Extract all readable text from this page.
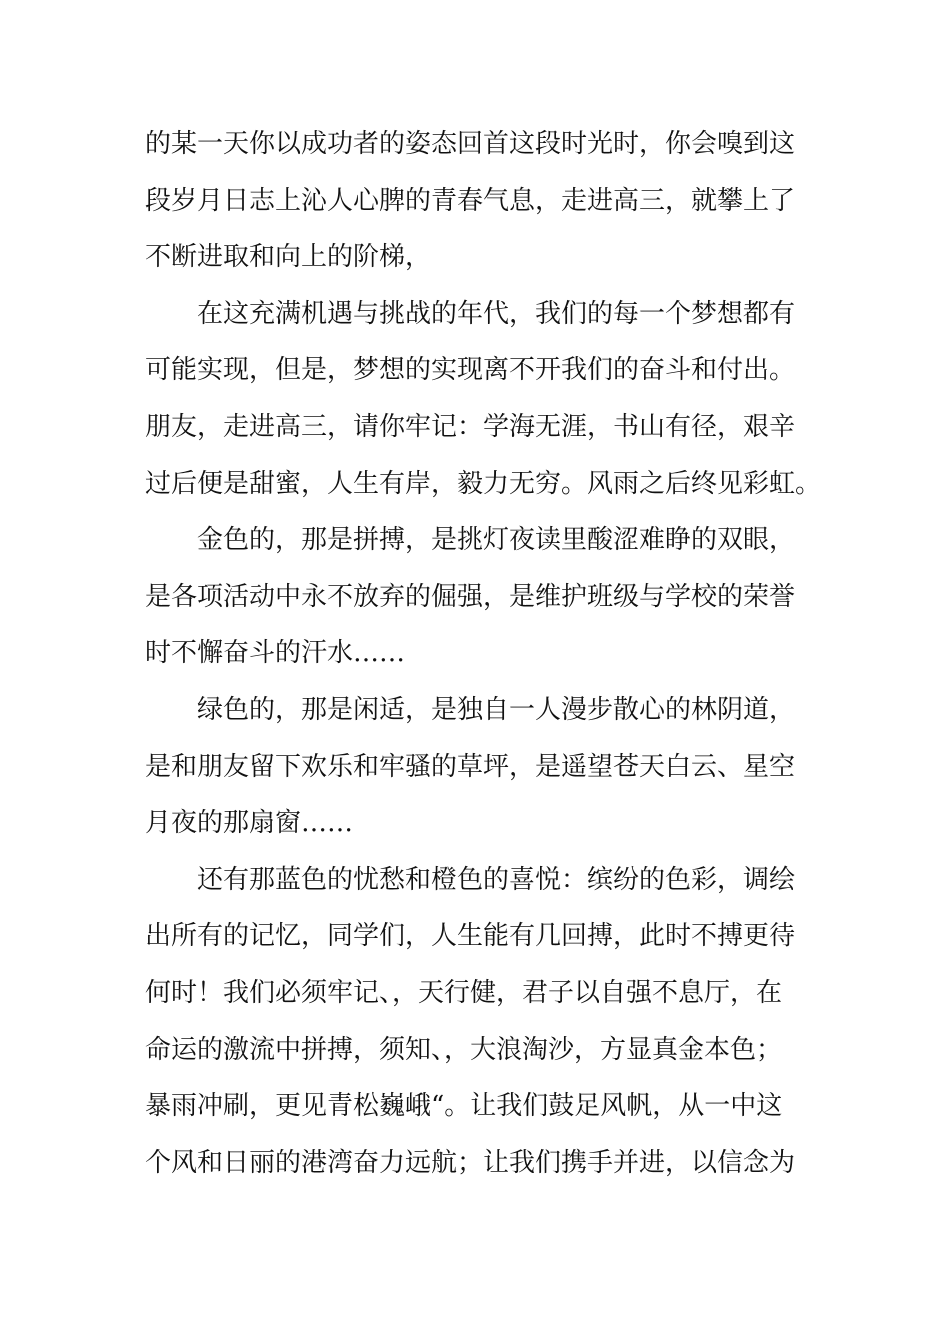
的某一天你以成功者的姿态回首这段时光时，你会嗅到这
段岁月日志上沁人心脾的青春气息，走进高三，就攀上了
不断进取和向上的阶梯，
在这充满机遇与挑战的年代，我们的每一个梦想都有
可能实现，但是，梦想的实现离不开我们的奋斗和付出。
朋友，走进高三，请你牢记：学海无涯，书山有径，艰辛
过后便是甜蜜，人生有岸，毅力无穷。风雨之后终见彩虹。
金色的，那是拼搏，是挑灯夜读里酸涩难睁的双眼，
是各项活动中永不放弃的倔强，是维护班级与学校的荣誉
时不懈奋斗的汗水……
绿色的，那是闲适，是独自一人漫步散心的林阴道，
是和朋友留下欢乐和牢骚的草坪，是遥望苍天白云、星空
月夜的那扇窗……
还有那蓝色的忧愁和橙色的喜悦：缤纷的色彩，调绘
出所有的记忆，同学们，人生能有几回搏，此时不搏更待
何时！我们必须牢记、，天行健，君子以自强不息厅，在
命运的激流中拼搏，须知、，大浪淘沙，方显真金本色；
暴雨冲刷，更见青松巍峨“。让我们鼓足风帆，从一中这
个风和日丽的港湾奋力远航；让我们携手并进，以信念为
